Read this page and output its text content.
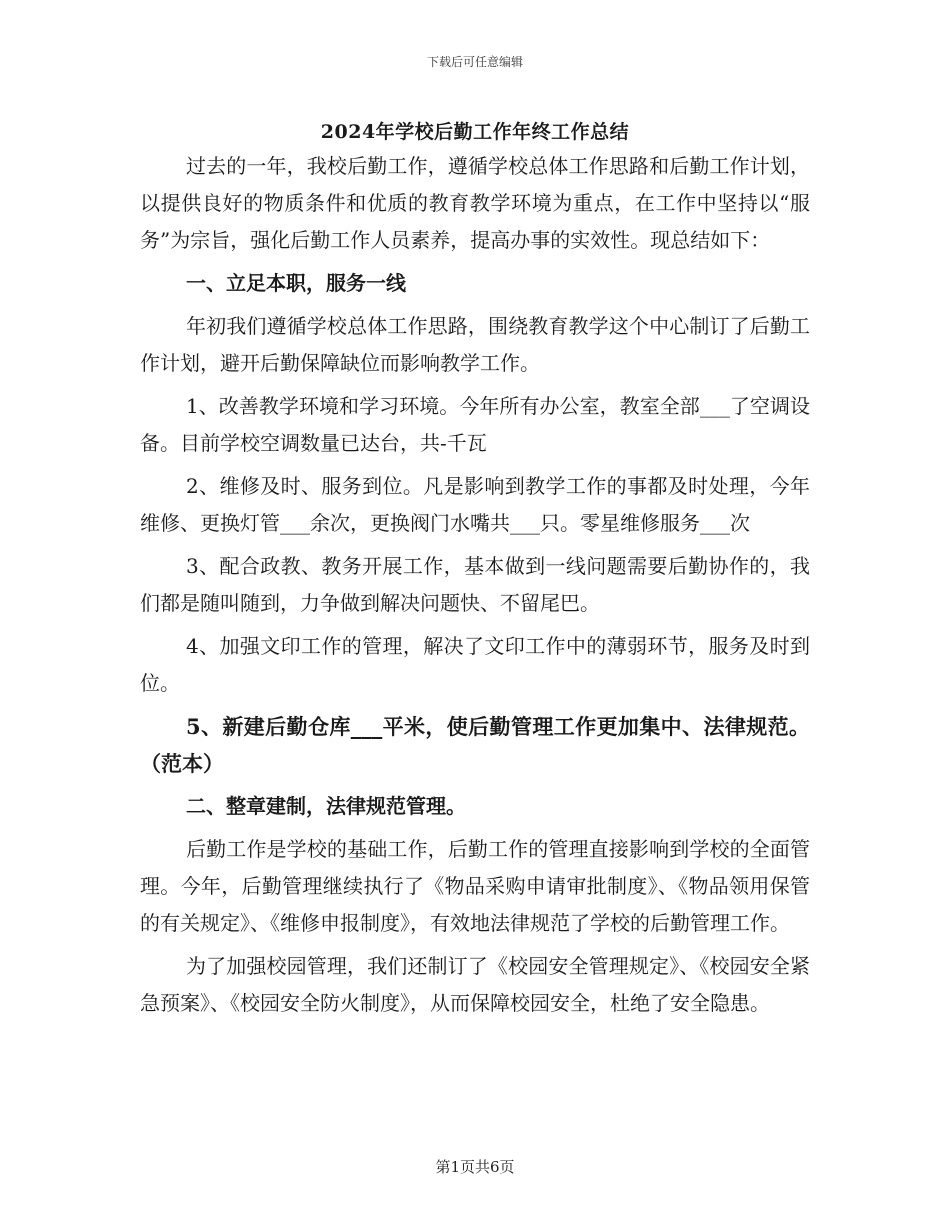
下载后可任意编辑
2024年学校后勤工作年终工作总结

过去的一年，我校后勤工作，遵循学校总体工作思路和后勤工作计划，以提供良好的物质条件和优质的教育教学环境为重点，在工作中坚持以“服务”为宗旨，强化后勤工作人员素养，提高办事的实效性。现总结如下：

一、立足本职，服务一线

年初我们遵循学校总体工作思路，围绕教育教学这个中心制订了后勤工作计划，避开后勤保障缺位而影响教学工作。

1、改善教学环境和学习环境。今年所有办公室，教室全部___了空调设备。目前学校空调数量已达台，共-千瓦

2、维修及时、服务到位。凡是影响到教学工作的事都及时处理，今年维修、更换灯管___余次，更换阀门水嘴共___只。零星维修服务___次

3、配合政教、教务开展工作，基本做到一线问题需要后勤协作的，我们都是随叫随到，力争做到解决问题快、不留尾巴。

4、加强文印工作的管理，解决了文印工作中的薄弱环节，服务及时到位。

5、新建后勤仓库___平米，使后勤管理工作更加集中、法律规范。（范本）

二、整章建制，法律规范管理。

后勤工作是学校的基础工作，后勤工作的管理直接影响到学校的全面管理。今年，后勤管理继续执行了《物品采购申请审批制度》、《物品领用保管的有关规定》、《维修申报制度》，有效地法律规范了学校的后勤管理工作。

为了加强校园管理，我们还制订了《校园安全管理规定》、《校园安全紧急预案》、《校园安全防火制度》，从而保障校园安全，杜绝了安全隐患。

第1页共6页
